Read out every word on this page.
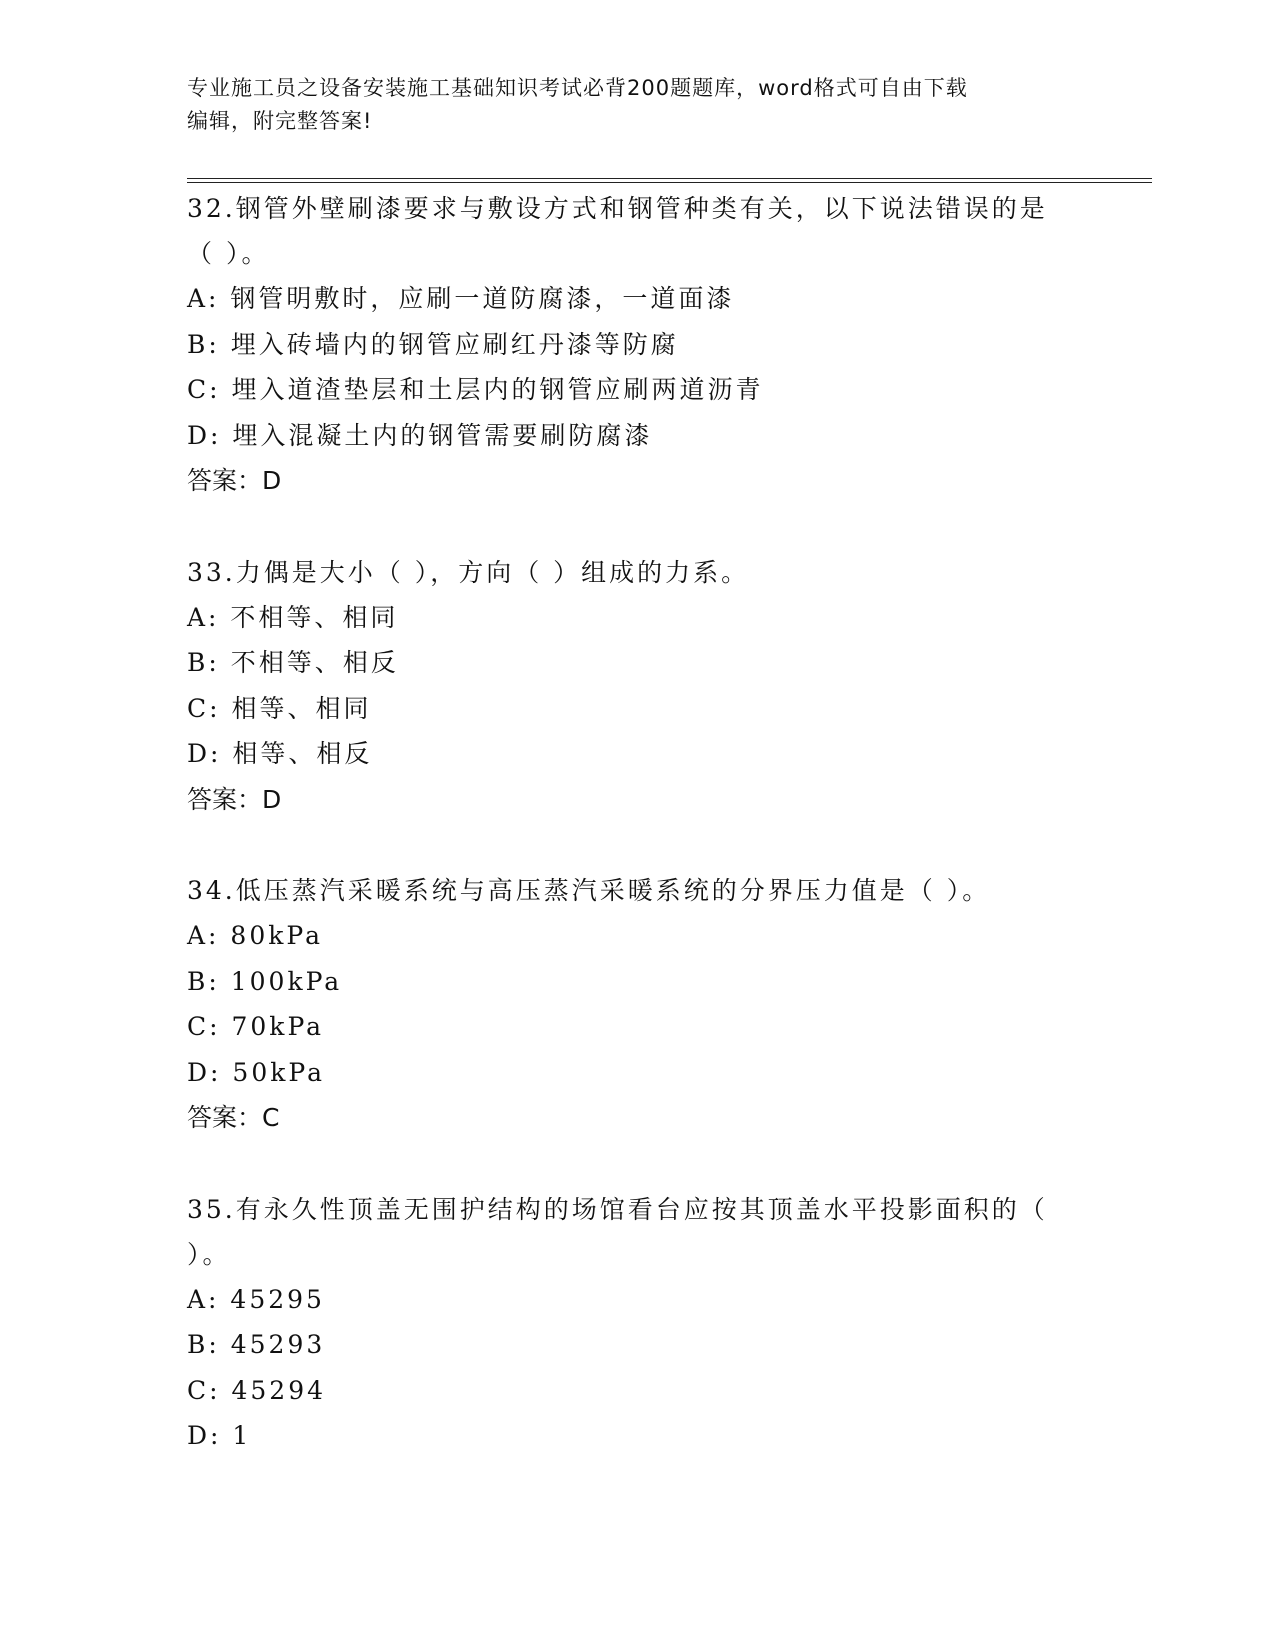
专业施工员之设备安装施工基础知识考试必背200题题库，word格式可自由下载
编辑，附完整答案!

32.钢管外壁刷漆要求与敷设方式和钢管种类有关，以下说法错误的是

（ ）。

A: 钢管明敷时，应刷一道防腐漆，一道面漆

B: 埋入砖墙内的钢管应刷红丹漆等防腐

C: 埋入道渣垫层和土层内的钢管应刷两道沥青

D: 埋入混凝土内的钢管需要刷防腐漆

答案：D

33.力偶是大小（ ），方向（ ）组成的力系。

A: 不相等、相同

B: 不相等、相反

C: 相等、相同

D: 相等、相反

答案：D

34.低压蒸汽采暖系统与高压蒸汽采暖系统的分界压力值是（ ）。

A: 80kPa

B: 100kPa

C: 70kPa

D: 50kPa

答案：C

35.有永久性顶盖无围护结构的场馆看台应按其顶盖水平投影面积的（

）。

A: 45295

B: 45293

C: 45294

D: 1
